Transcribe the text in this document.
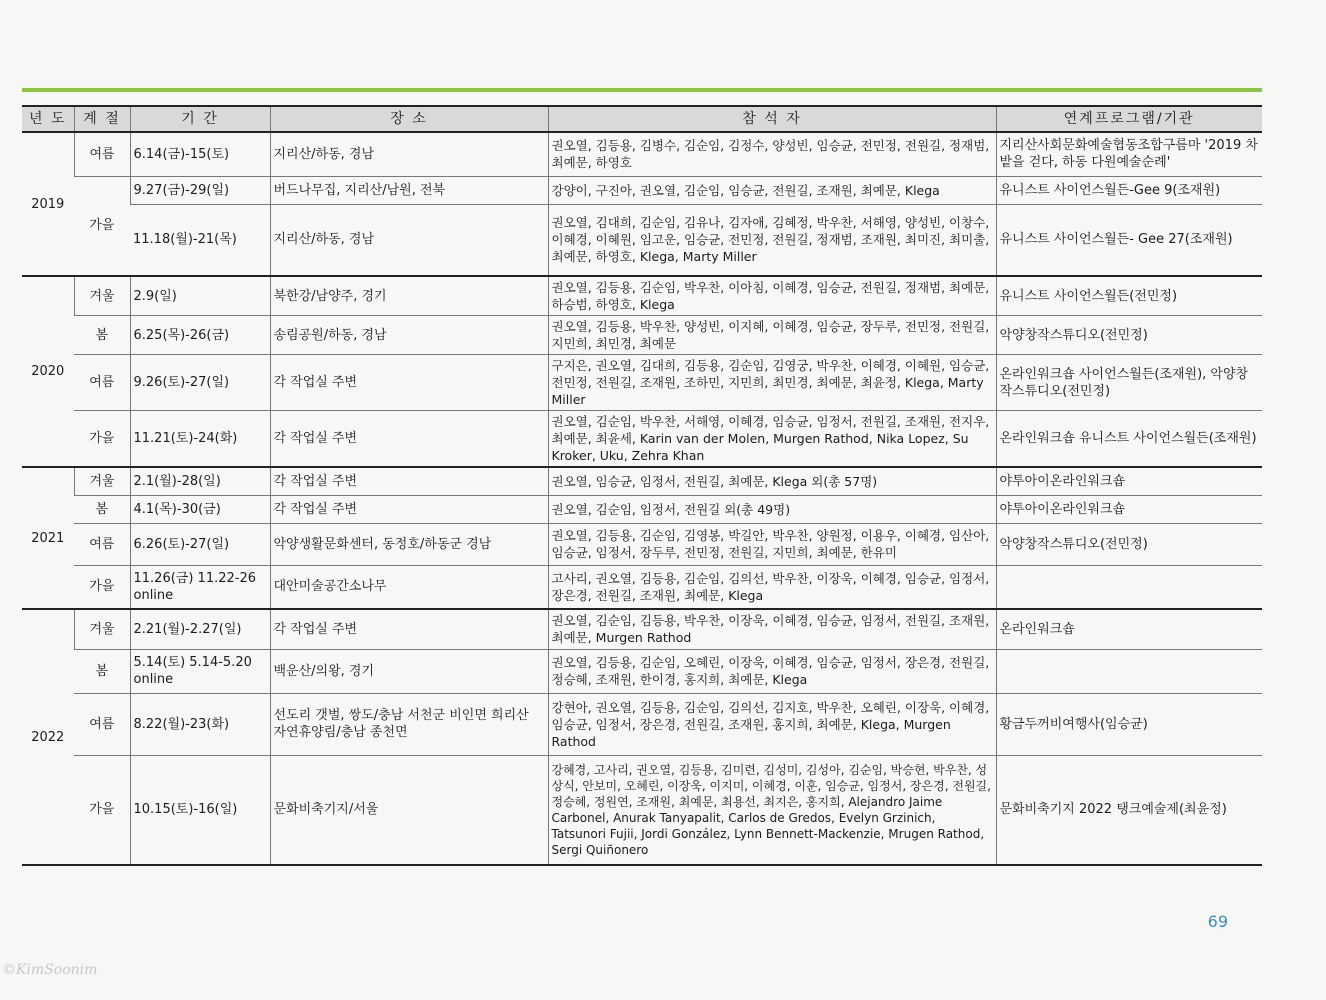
년 도	계 절	기 간	장 소	참 석 자	연계프로그램/기관
2019	여름	6.14(금)-15(토)	지리산/하동, 경남	권오열, 김등용, 김병수, 김순임, 김정수, 양성빈, 임승균, 전민정, 전원길, 정재범, 최예문, 하영호	지리산사회문화예술협동조합구름마 '2019 차밭을 걷다, 하동 다원예술순례'
	가을	9.27(금)-29(일)	버드나무집, 지리산/남원, 전북	강양이, 구진아, 권오열, 김순임, 임승균, 전원길, 조재원, 최예문, Klega	유니스트 사이언스월든-Gee 9(조재원)
		11.18(월)-21(목)	지리산/하동, 경남	권오열, 김대희, 김순임, 김유나, 김자애, 김혜정, 박우찬, 서해영, 양성빈, 이창수, 이혜경, 이혜원, 임고운, 임승균, 전민정, 전원길, 정재범, 조재원, 최미진, 최미출, 최예문, 하영호, Klega, Marty Miller	유니스트 사이언스월든- Gee 27(조재원)
2020	겨울	2.9(일)	북한강/남양주, 경기	권오열, 김등용, 김순임, 박우찬, 이아침, 이혜경, 임승균, 전원길, 정재범, 최예문, 하승범, 하영호, Klega	유니스트 사이언스월든(전민정)
	봄	6.25(목)-26(금)	송림공원/하동, 경남	권오열, 김등용, 박우찬, 양성빈, 이지혜, 이혜경, 임승균, 장두루, 전민정, 전원길, 지민희, 최민경, 최예문	악양창작스튜디오(전민정)
	여름	9.26(토)-27(일)	각 작업실 주변	구지은, 권오열, 김대희, 김등용, 김순임, 김영궁, 박우찬, 이혜경, 이혜원, 임승균, 전민정, 전원길, 조재원, 조하민, 지민희, 최민경, 최예문, 최윤정, Klega, Marty Miller	온라인워크숍 사이언스월든(조재원), 악양창작스튜디오(전민정)
	가을	11.21(토)-24(화)	각 작업실 주변	권오열, 김순임, 박우찬, 서해영, 이혜경, 임승균, 임정서, 전원길, 조재원, 전지우, 최예문, 최윤세, Karin van der Molen, Murgen Rathod, Nika Lopez, Su Kroker, Uku, Zehra Khan	온라인워크숍 유니스트 사이언스월든(조재원)
2021	겨울	2.1(월)-28(일)	각 작업실 주변	권오열, 임승균, 임정서, 전원길, 최예문, Klega 외(총 57명)	야투아이온라인워크숍
	봄	4.1(목)-30(금)	각 작업실 주변	권오열, 김순임, 임정서, 전원길 외(총 49명)	야투아이온라인워크숍
	여름	6.26(토)-27(일)	악양생활문화센터, 동정호/하동군 경남	권오열, 김등용, 김순임, 김영봉, 박길안, 박우찬, 양원정, 이용우, 이혜경, 임산아, 임승균, 임정서, 장두루, 전민정, 전원길, 지민희, 최예문, 한유미	악양창작스튜디오(전민정)
	가을	11.26(금) 11.22-26 online	대안미술공간소나무	고사리, 권오열, 김등용, 김순임, 김의선, 박우찬, 이장욱, 이혜경, 임승균, 임정서, 장은경, 전원길, 조재원, 최예문, Klega	
2022	겨울	2.21(월)-2.27(일)	각 작업실 주변	권오열, 김순임, 김등용, 박우찬, 이장욱, 이혜경, 임승균, 임정서, 전원길, 조재원, 최예문, Murgen Rathod	온라인워크숍
	봄	5.14(토) 5.14-5.20 online	백운산/의왕, 경기	권오열, 김등용, 김순임, 오혜린, 이장욱, 이혜경, 임승균, 임정서, 장은경, 전원길, 정승혜, 조재원, 한이경, 홍지희, 최예문, Klega	
	여름	8.22(월)-23(화)	선도리 갯벌, 쌍도/충남 서천군 비인면 희리산 자연휴양림/충남 종천면	강현아, 권오열, 김등용, 김순임, 김의선, 김지호, 박우찬, 오혜린, 이장욱, 이혜경, 임승균, 임정서, 장은경, 전원길, 조재원, 홍지희, 최예문, Klega, Murgen Rathod	황금두꺼비여행사(임승균)
	가을	10.15(토)-16(일)	문화비축기지/서울	강혜경, 고사리, 권오열, 김등용, 김미련, 김성미, 김성아, 김순임, 박승현, 박우찬, 성상식, 안보미, 오혜린, 이장욱, 이지미, 이혜경, 이훈, 임승균, 임정서, 장은경, 전원길, 정승혜, 정원연, 조재원, 최예문, 최용선, 최지은, 홍지희, Alejandro Jaime Carbonel, Anurak Tanyapalit, Carlos de Gredos, Evelyn Grzinich, Tatsunori Fujii, Jordi González, Lynn Bennett-Mackenzie, Mrugen Rathod, Sergi Quiñonero	문화비축기지 2022 탱크예술제(최윤정)
69
©KimSoonim
